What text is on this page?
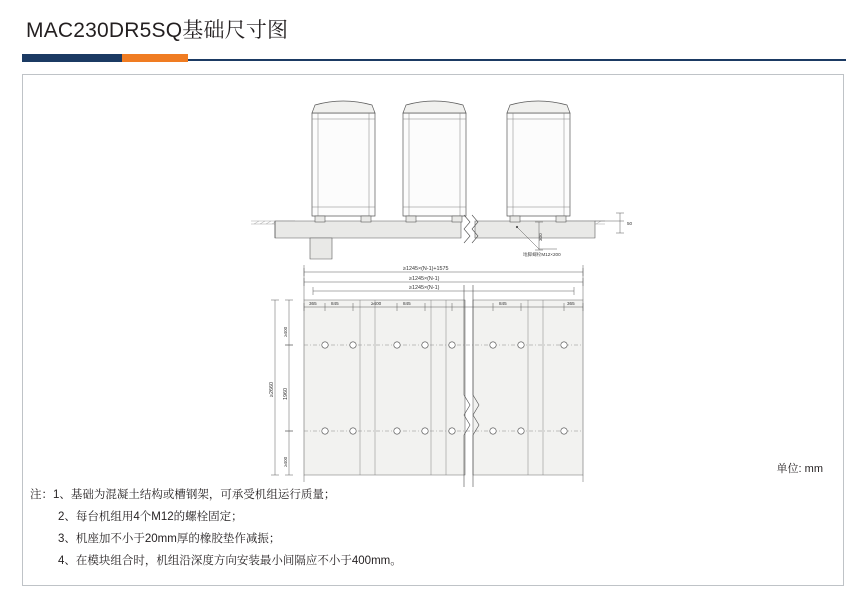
MAC230DR5SQ基础尺寸图
50
300
地脚螺栓M12×200
≥1245×(N-1)+1575
≥1245×(N-1)
≥1245×(N-1)
365	845	≥400	845	845	365
≥2660 1960
≥400
≥400
单位: mm
注：1、基础为混凝土结构或槽钢架，可承受机组运行质量；
2、每台机组用4个M12的螺栓固定；
3、机座加不小于20mm厚的橡胶垫作减振；
4、在模块组合时，机组沿深度方向安装最小间隔应不小于400mm。
